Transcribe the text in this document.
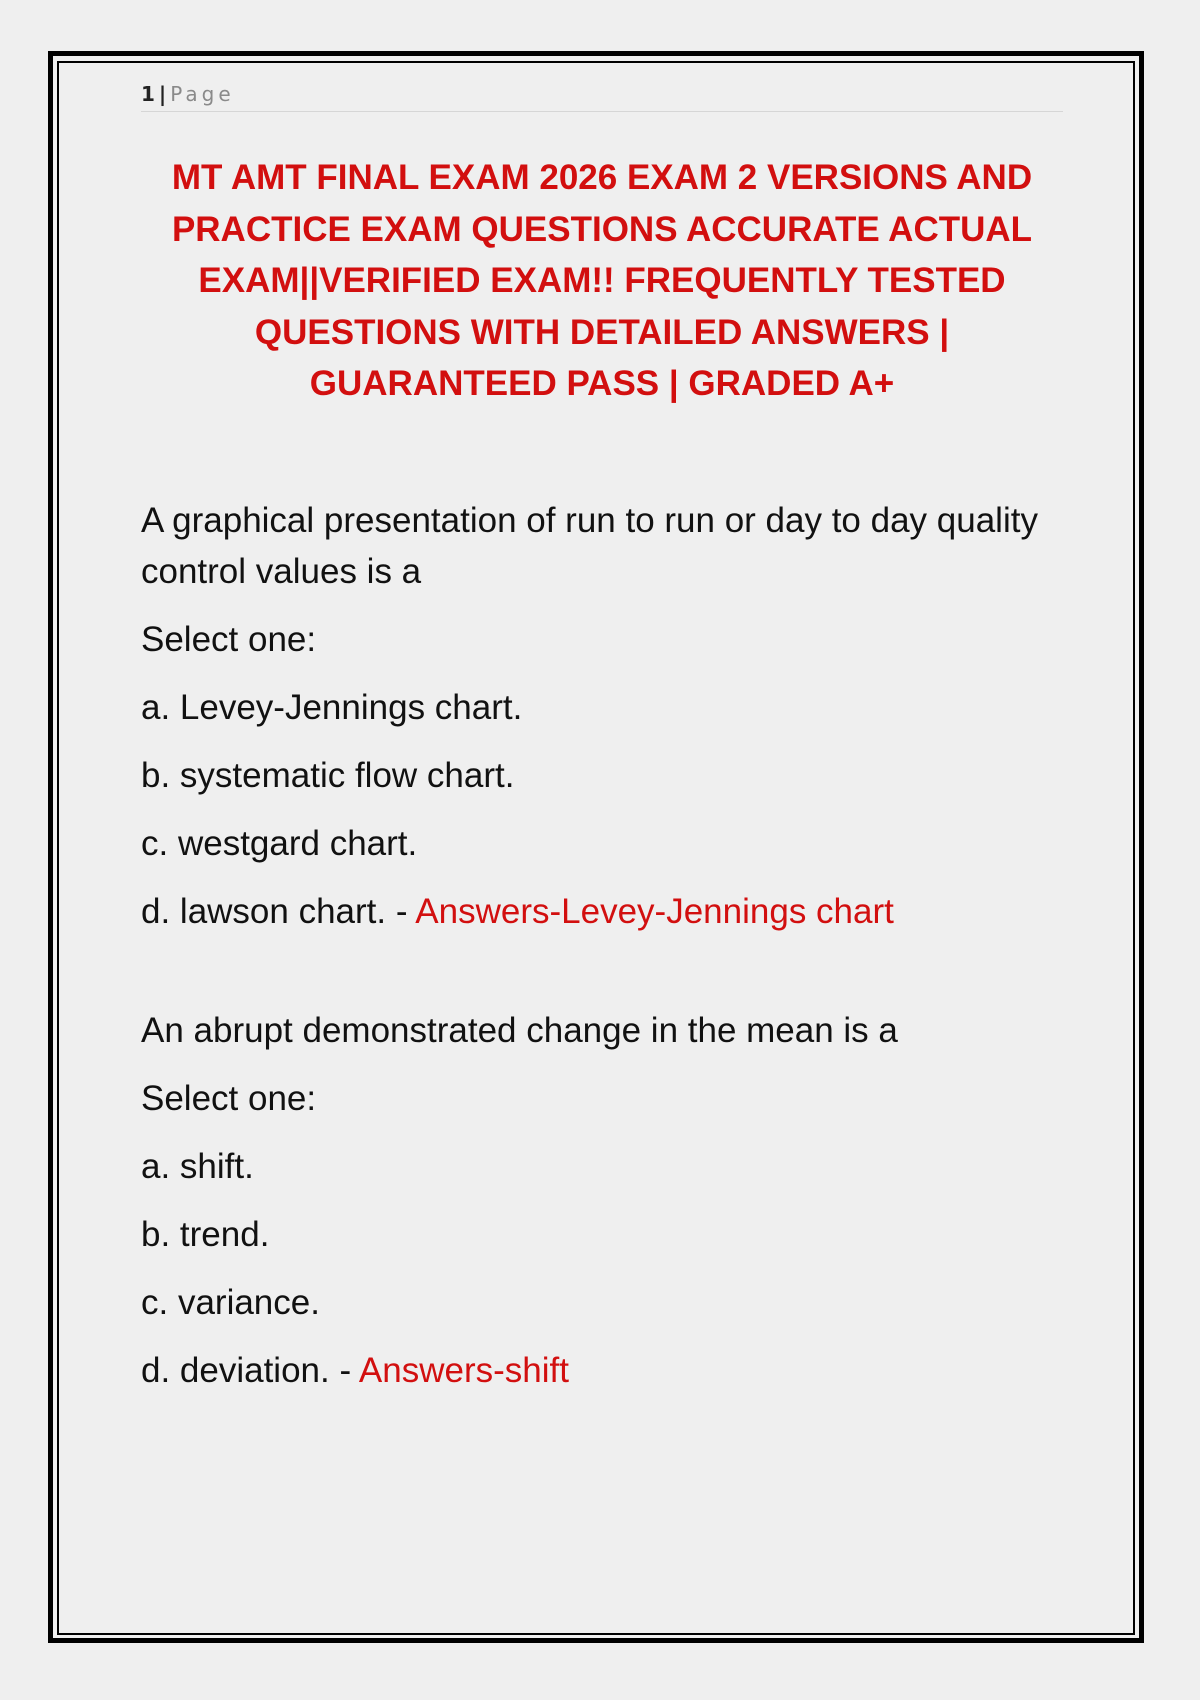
1 | Page
MT AMT FINAL EXAM 2026 EXAM 2 VERSIONS AND PRACTICE EXAM QUESTIONS ACCURATE ACTUAL EXAM||VERIFIED EXAM!! FREQUENTLY TESTED QUESTIONS WITH DETAILED ANSWERS | GUARANTEED PASS | GRADED A+

A graphical presentation of run to run or day to day quality control values is a

Select one:

a. Levey-Jennings chart.

b. systematic flow chart.

c. westgard chart.

d. lawson chart. - Answers-Levey-Jennings chart

An abrupt demonstrated change in the mean is a

Select one:

a. shift.

b. trend.

c. variance.

d. deviation. - Answers-shift
